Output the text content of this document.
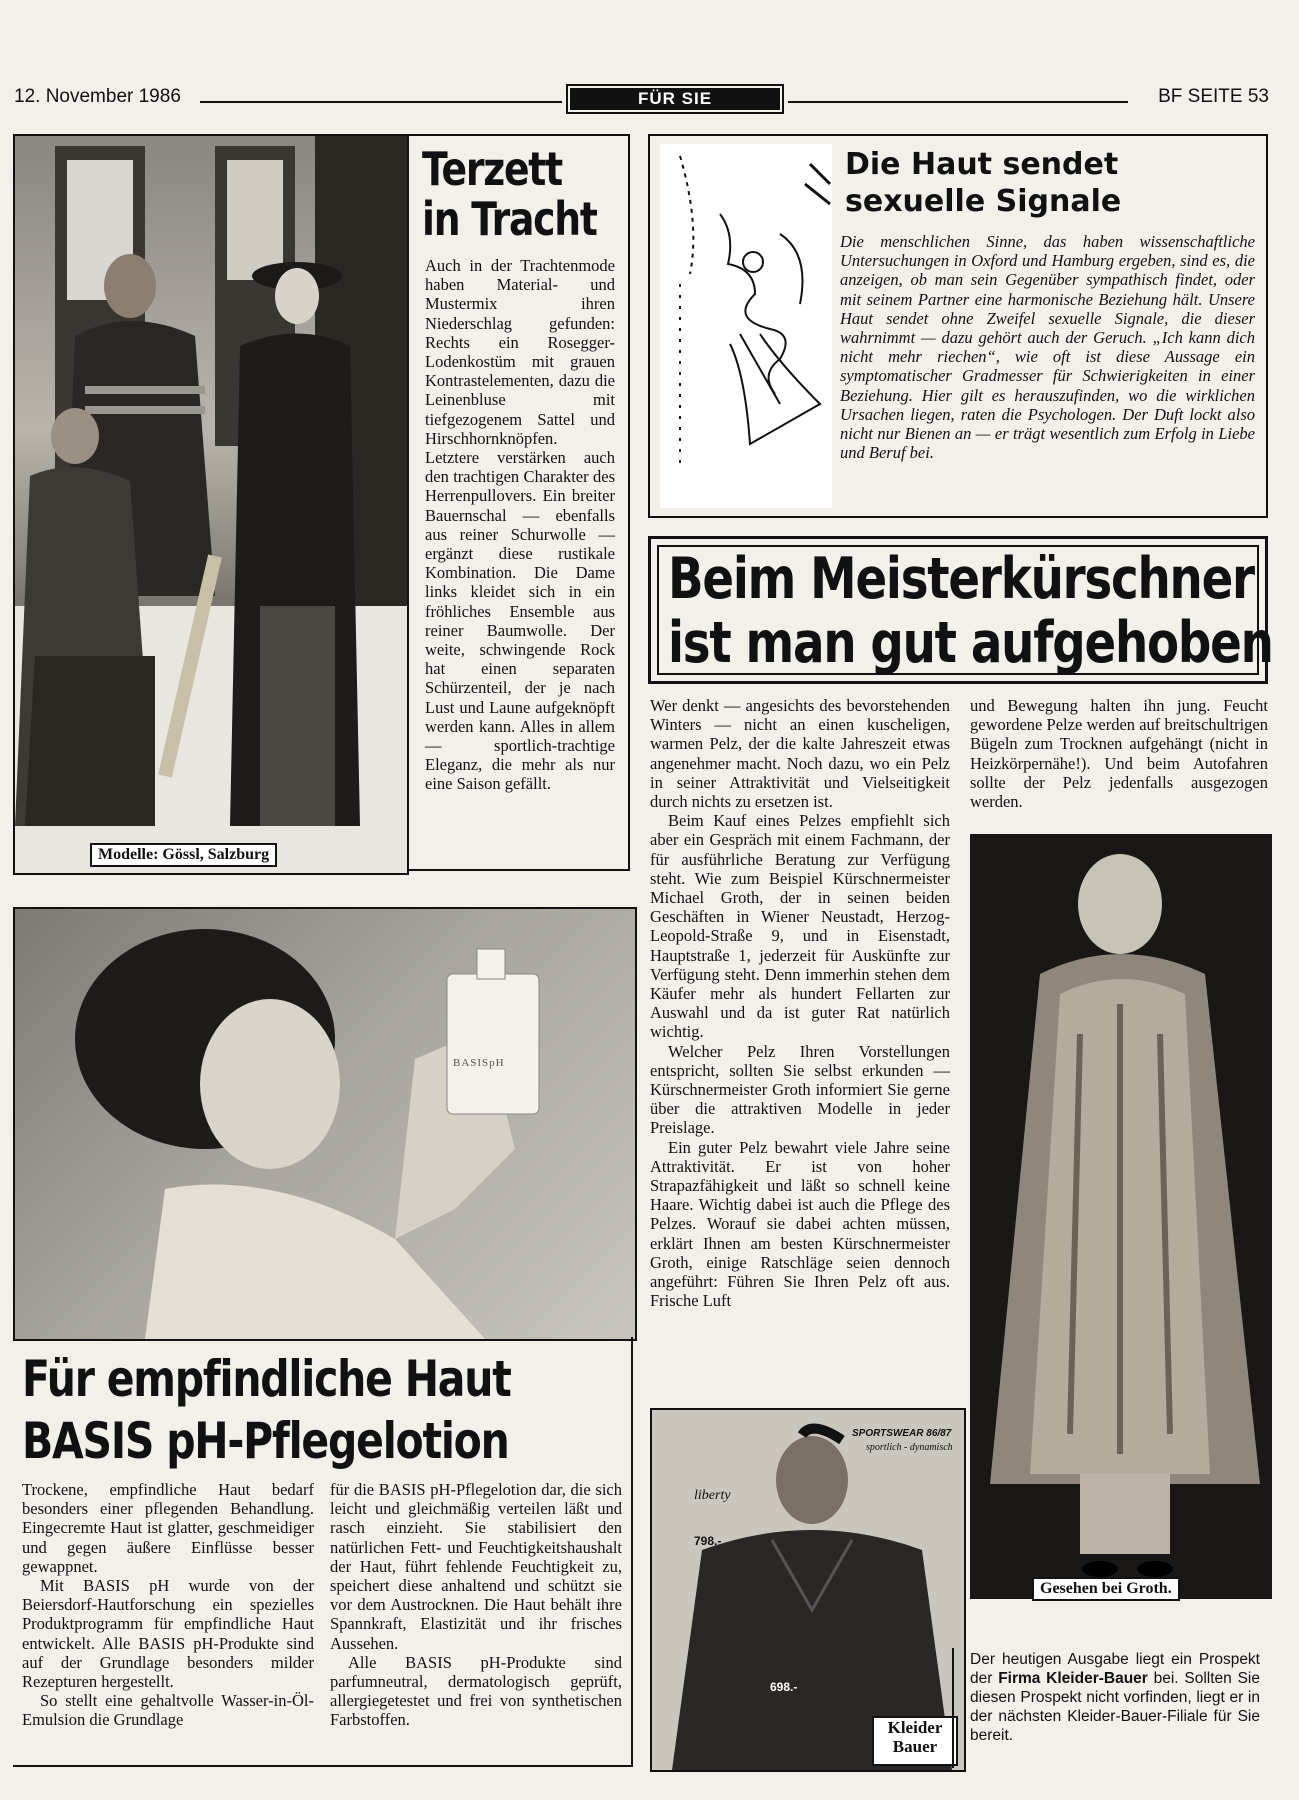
12. November 1986	FÜR SIE	BF SEITE 53
Modelle: Gössl, Salzburg
Terzett
in Tracht

Auch in der Trachtenmode haben Material- und Mustermix ihren Niederschlag gefunden: Rechts ein Rosegger-Lodenkostüm mit grauen Kontrastelementen, dazu die Leinenbluse mit tiefgezogenem Sattel und Hirschhornknöpfen. Letztere verstärken auch den trachtigen Charakter des Herrenpullovers. Ein breiter Bauernschal — ebenfalls aus reiner Schurwolle — ergänzt diese rustikale Kombination. Die Dame links kleidet sich in ein fröhliches Ensemble aus reiner Baumwolle. Der weite, schwingende Rock hat einen separaten Schürzenteil, der je nach Lust und Laune aufgeknöpft werden kann. Alles in allem — sportlich-trachtige Eleganz, die mehr als nur eine Saison gefällt.

Die Haut sendet
sexuelle Signale

Die menschlichen Sinne, das haben wissenschaftliche Untersuchungen in Oxford und Hamburg ergeben, sind es, die anzeigen, ob man sein Gegenüber sympathisch findet, oder mit seinem Partner eine harmonische Beziehung hält. Unsere Haut sendet ohne Zweifel sexuelle Signale, die dieser wahrnimmt — dazu gehört auch der Geruch. „Ich kann dich nicht mehr riechen“, wie oft ist diese Aussage ein symptomatischer Gradmesser für Schwierigkeiten in einer Beziehung. Hier gilt es herauszufinden, wo die wirklichen Ursachen liegen, raten die Psychologen. Der Duft lockt also nicht nur Bienen an — er trägt wesentlich zum Erfolg in Liebe und Beruf bei.

Beim Meisterkürschner
ist man gut aufgehoben

Wer denkt — angesichts des bevorstehenden Winters — nicht an einen kuscheligen, warmen Pelz, der die kalte Jahreszeit etwas angenehmer macht. Noch dazu, wo ein Pelz in seiner Attraktivität und Vielseitigkeit durch nichts zu ersetzen ist.

Beim Kauf eines Pelzes empfiehlt sich aber ein Gespräch mit einem Fachmann, der für ausführliche Beratung zur Verfügung steht. Wie zum Beispiel Kürschnermeister Michael Groth, der in seinen beiden Geschäften in Wiener Neustadt, Herzog-Leopold-Straße 9, und in Eisenstadt, Hauptstraße 1, jederzeit für Auskünfte zur Verfügung steht. Denn immerhin stehen dem Käufer mehr als hundert Fellarten zur Auswahl und da ist guter Rat natürlich wichtig.

Welcher Pelz Ihren Vorstellungen entspricht, sollten Sie selbst erkunden — Kürschnermeister Groth informiert Sie gerne über die attraktiven Modelle in jeder Preislage.

Ein guter Pelz bewahrt viele Jahre seine Attraktivität. Er ist von hoher Strapazfähigkeit und läßt so schnell keine Haare. Wichtig dabei ist auch die Pflege des Pelzes. Worauf sie dabei achten müssen, erklärt Ihnen am besten Kürschnermeister Groth, einige Ratschläge seien dennoch angeführt: Führen Sie Ihren Pelz oft aus. Frische Luft

und Bewegung halten ihn jung. Feucht gewordene Pelze werden auf breitschultrigen Bügeln zum Trocknen aufgehängt (nicht in Heizkörpernähe!). Und beim Autofahren sollte der Pelz jedenfalls ausgezogen werden.

Gesehen bei Groth.
BASISpH
Für empfindliche Haut
BASIS pH-Pflegelotion

Trockene, empfindliche Haut bedarf besonders einer pflegenden Behandlung. Eingecremte Haut ist glatter, geschmeidiger und gegen äußere Einflüsse besser gewappnet.

Mit BASIS pH wurde von der Beiersdorf-Hautforschung ein spezielles Produktprogramm für empfindliche Haut entwickelt. Alle BASIS pH-Produkte sind auf der Grundlage besonders milder Rezepturen hergestellt.

So stellt eine gehaltvolle Wasser-in-Öl-Emulsion die Grundlage

für die BASIS pH-Pflegelotion dar, die sich leicht und gleichmäßig verteilen läßt und rasch einzieht. Sie stabilisiert den natürlichen Fett- und Feuchtigkeitshaushalt der Haut, führt fehlende Feuchtigkeit zu, speichert diese anhaltend und schützt sie vor dem Austrocknen. Die Haut behält ihre Spannkraft, Elastizität und ihr frisches Aussehen.

Alle BASIS pH-Produkte sind parfumneutral, dermatologisch geprüft, allergiegetestet und frei von synthetischen Farbstoffen.

liberty
798.-
SPORTSWEAR 86/87
sportlich - dynamisch
698.-
Kleider
Bauer
Der heutigen Ausgabe liegt ein Prospekt der Firma Kleider-Bauer bei. Sollten Sie diesen Prospekt nicht vorfinden, liegt er in der nächsten Kleider-Bauer-Filiale für Sie bereit.
